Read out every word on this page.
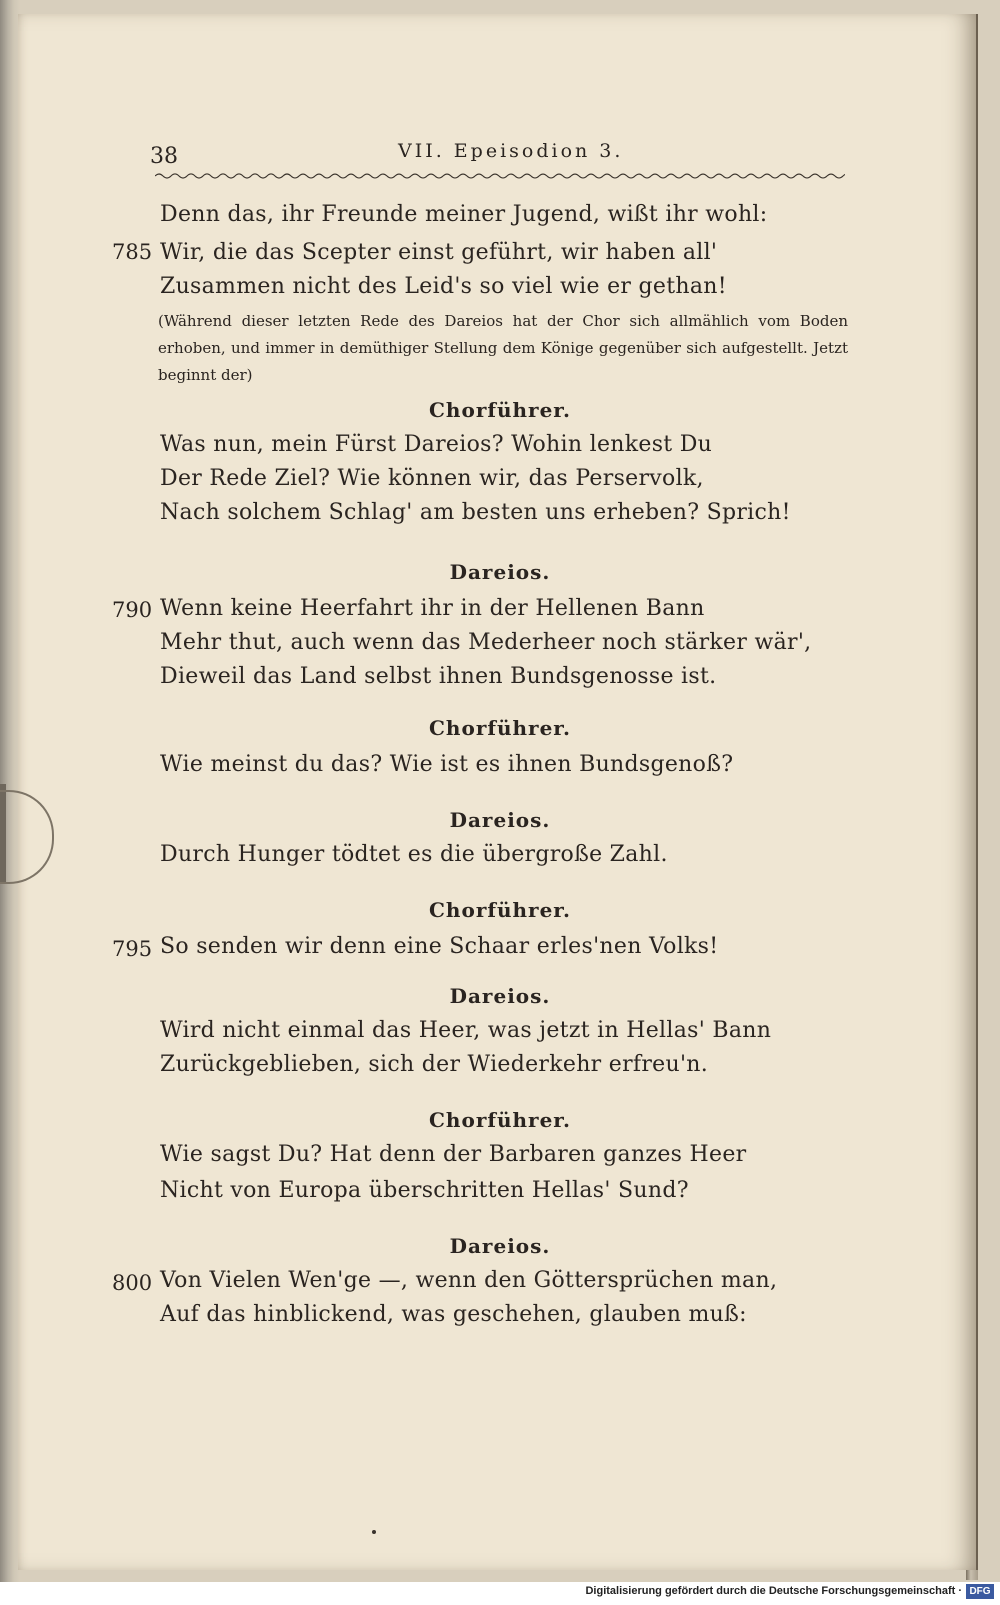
38	VII. Epeisodion 3.
785
Denn das, ihr Freunde meiner Jugend, wißt ihr wohl:
Wir, die das Scepter einst geführt, wir haben all'
Zusammen nicht des Leid's so viel wie er gethan!
(Während dieser letzten Rede des Dareios hat der Chor sich allmählich vom Boden erhoben, und immer in demüthiger Stellung dem Könige gegenüber sich aufgestellt. Jetzt beginnt der)
Chorführer.
Was nun, mein Fürst Dareios? Wohin lenkest Du
Der Rede Ziel? Wie können wir, das Perservolk,
Nach solchem Schlag' am besten uns erheben? Sprich!
Dareios.
790 Wenn keine Heerfahrt ihr in der Hellenen Bann
Mehr thut, auch wenn das Mederheer noch stärker wär',
Dieweil das Land selbst ihnen Bundsgenosse ist.
Chorführer.
Wie meinst du das? Wie ist es ihnen Bundsgenoß?
Dareios.
Durch Hunger tödtet es die übergroße Zahl.
Chorführer.
795 So senden wir denn eine Schaar erles'nen Volks!
Dareios.
Wird nicht einmal das Heer, was jetzt in Hellas' Bann
Zurückgeblieben, sich der Wiederkehr erfreu'n.
Chorführer.
Wie sagst Du? Hat denn der Barbaren ganzes Heer
Nicht von Europa überschritten Hellas' Sund?
Dareios.
800 Von Vielen Wen'ge —, wenn den Göttersprüchen man,
Auf das hinblickend, was geschehen, glauben muß:
Digitalisierung gefördert durch die Deutsche Forschungsgemeinschaft · DFG
